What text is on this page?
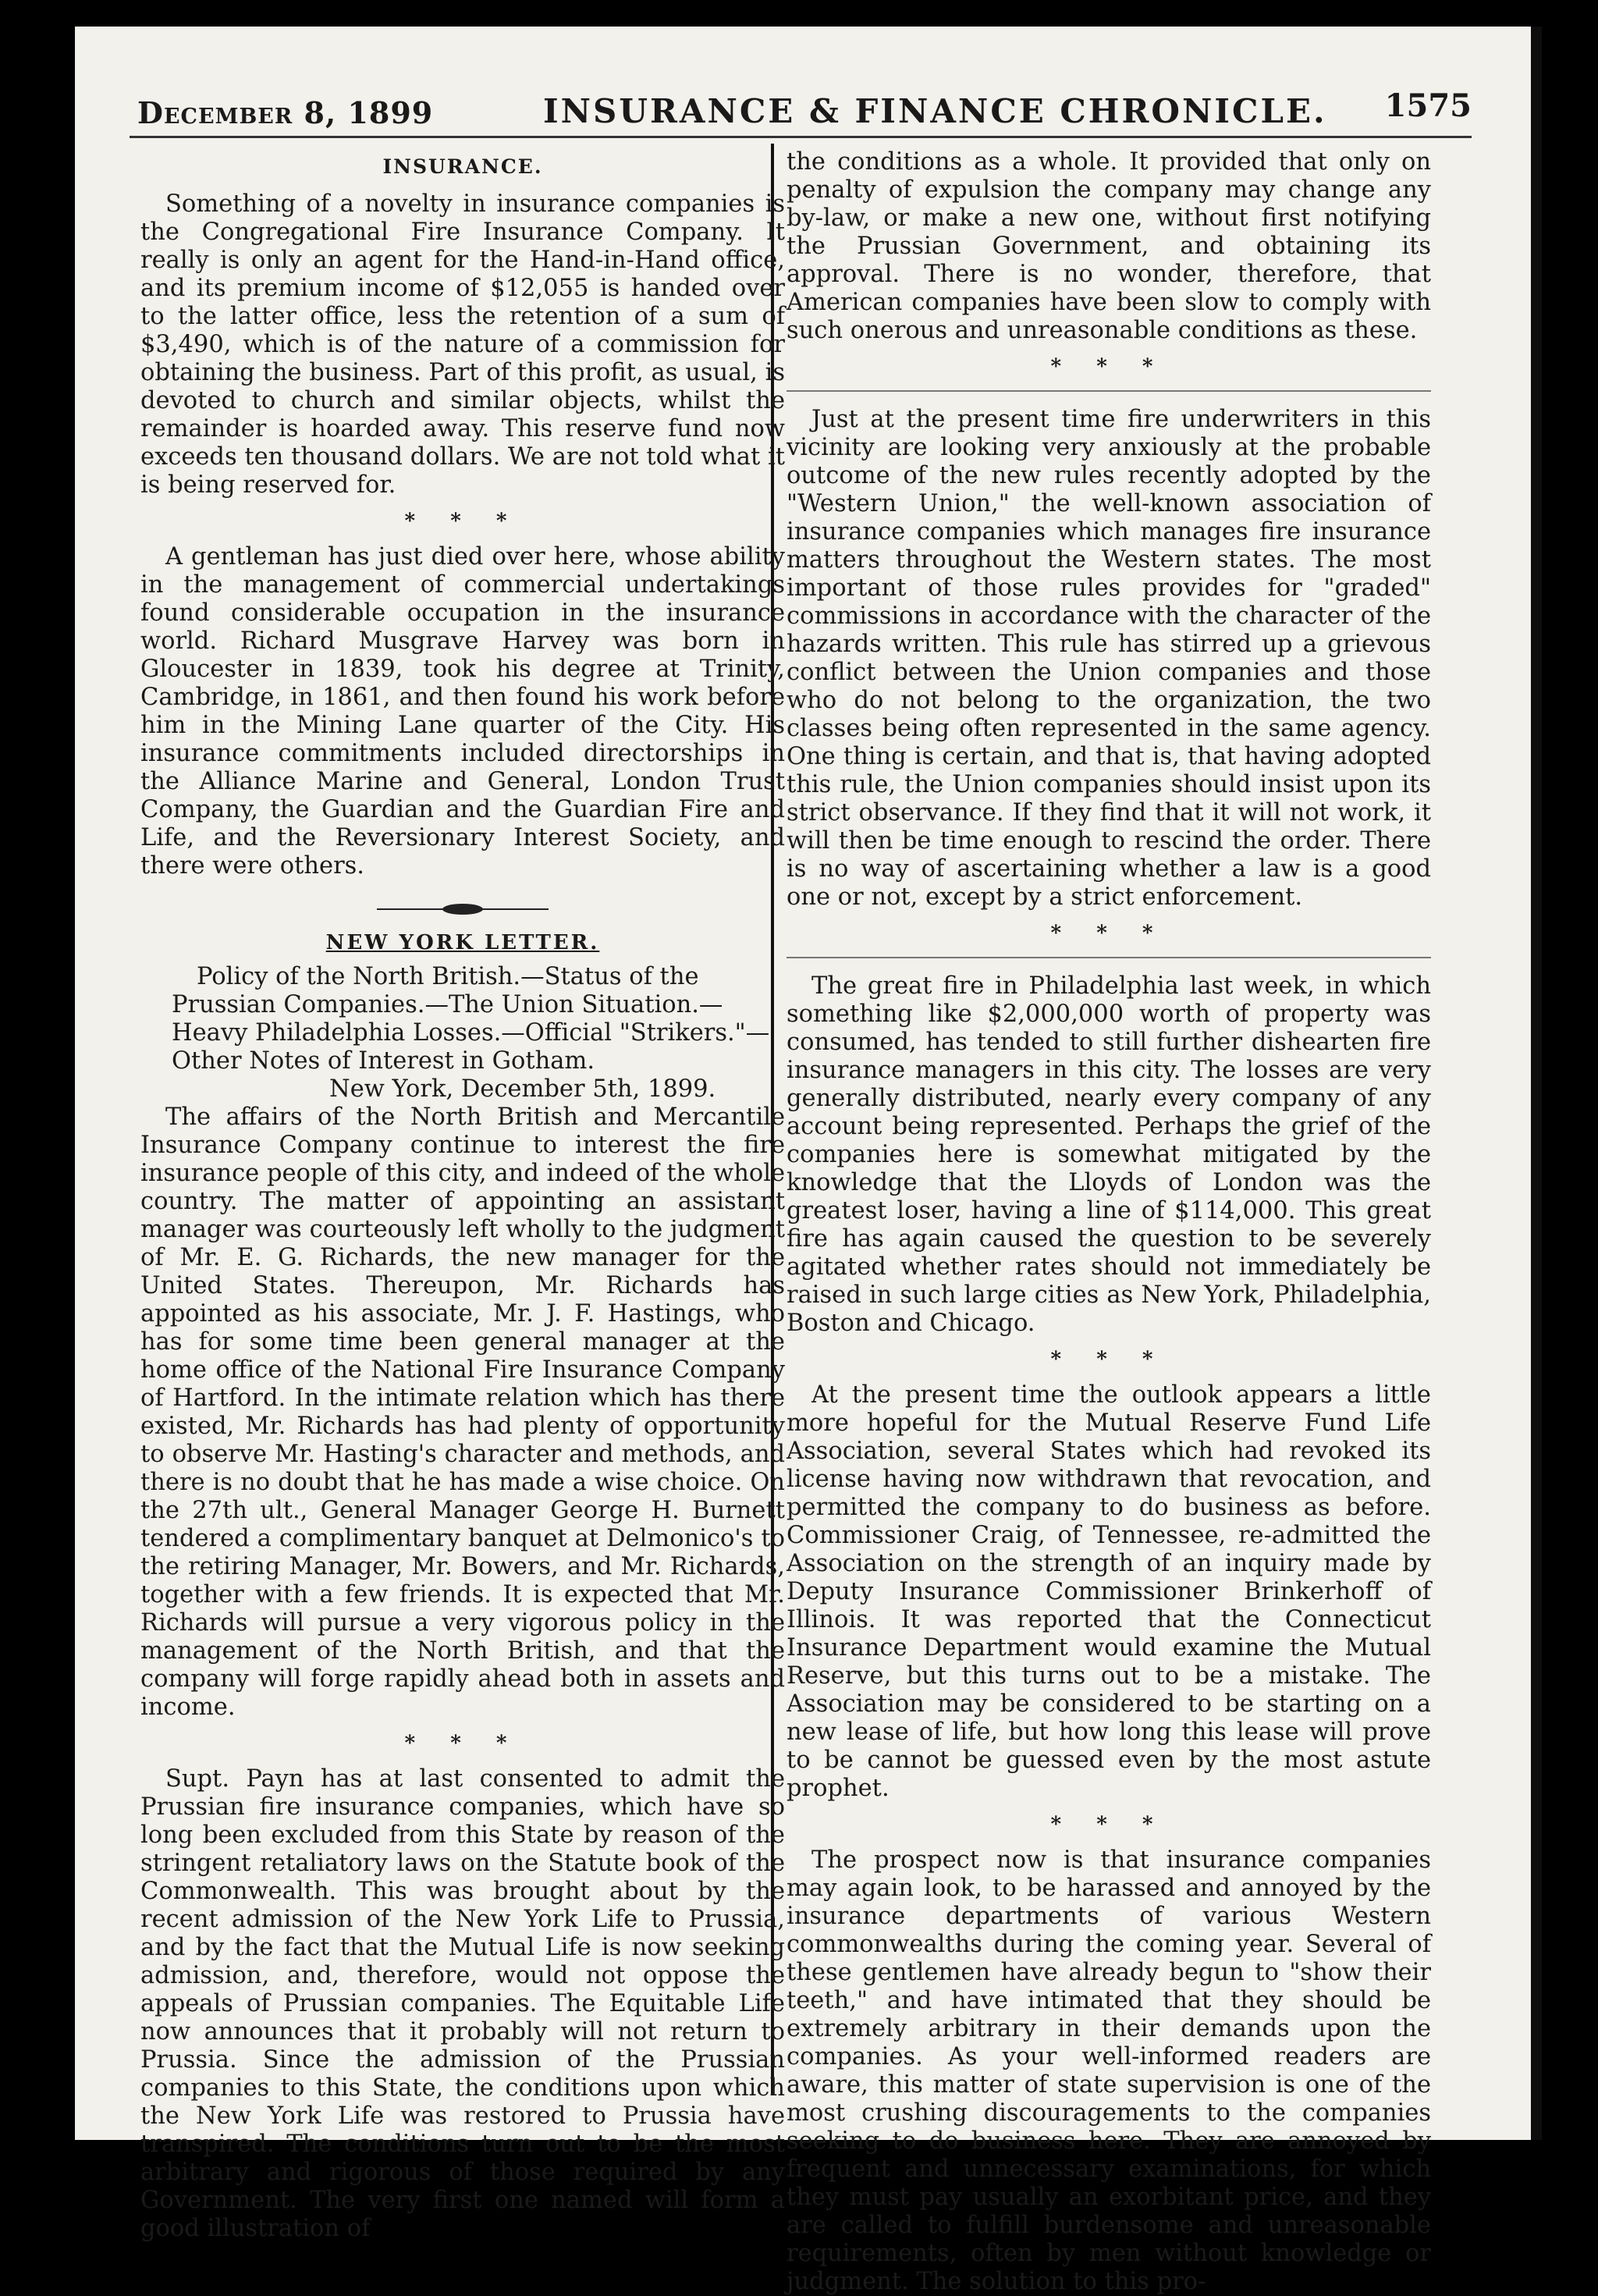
December 8, 1899	INSURANCE & FINANCE CHRONICLE. 1575
INSURANCE.

Something of a novelty in insurance companies is the Congregational Fire Insurance Company. It really is only an agent for the Hand-in-Hand office, and its premium income of $12,055 is handed over to the latter office, less the retention of a sum of $3,490, which is of the nature of a commission for obtaining the business. Part of this profit, as usual, is devoted to church and similar objects, whilst the remainder is hoarded away. This reserve fund now exceeds ten thousand dollars. We are not told what it is being reserved for.

* * *

A gentleman has just died over here, whose ability in the management of commercial undertakings found considerable occupation in the insurance world. Richard Musgrave Harvey was born in Gloucester in 1839, took his degree at Trinity, Cambridge, in 1861, and then found his work before him in the Mining Lane quarter of the City. His insurance commitments included directorships in the Alliance Marine and General, London Trust Company, the Guardian and the Guardian Fire and Life, and the Reversionary Interest Society, and there were others.

NEW YORK LETTER.

Policy of the North British.—Status of the Prussian Companies.—The Union Situation.—Heavy Philadelphia Losses.—Official "Strikers."—Other Notes of Interest in Gotham.

New York, December 5th, 1899.

The affairs of the North British and Mercantile Insurance Company continue to interest the fire insurance people of this city, and indeed of the whole country. The matter of appointing an assistant manager was courteously left wholly to the judgment of Mr. E. G. Richards, the new manager for the United States. Thereupon, Mr. Richards has appointed as his associate, Mr. J. F. Hastings, who has for some time been general manager at the home office of the National Fire Insurance Company of Hartford. In the intimate relation which has there existed, Mr. Richards has had plenty of opportunity to observe Mr. Hasting's character and methods, and there is no doubt that he has made a wise choice. On the 27th ult., General Manager George H. Burnett tendered a complimentary banquet at Delmonico's to the retiring Manager, Mr. Bowers, and Mr. Richards, together with a few friends. It is expected that Mr. Richards will pursue a very vigorous policy in the management of the North British, and that the company will forge rapidly ahead both in assets and income.

* * *

Supt. Payn has at last consented to admit the Prussian fire insurance companies, which have so long been excluded from this State by reason of the stringent retaliatory laws on the Statute book of the Commonwealth. This was brought about by the recent admission of the New York Life to Prussia, and by the fact that the Mutual Life is now seeking admission, and, therefore, would not oppose the appeals of Prussian companies. The Equitable Life now announces that it probably will not return to Prussia. Since the admission of the Prussian companies to this State, the conditions upon which the New York Life was restored to Prussia have transpired. The conditions turn out to be the most arbitrary and rigorous of those required by any Government. The very first one named will form a good illustration of

the conditions as a whole. It provided that only on penalty of expulsion the company may change any by-law, or make a new one, without first notifying the Prussian Government, and obtaining its approval. There is no wonder, therefore, that American companies have been slow to comply with such onerous and unreasonable conditions as these.

* * *

Just at the present time fire underwriters in this vicinity are looking very anxiously at the probable outcome of the new rules recently adopted by the "Western Union," the well-known association of insurance companies which manages fire insurance matters throughout the Western states. The most important of those rules provides for "graded" commissions in accordance with the character of the hazards written. This rule has stirred up a grievous conflict between the Union companies and those who do not belong to the organization, the two classes being often represented in the same agency. One thing is certain, and that is, that having adopted this rule, the Union companies should insist upon its strict observance. If they find that it will not work, it will then be time enough to rescind the order. There is no way of ascertaining whether a law is a good one or not, except by a strict enforcement.

* * *

The great fire in Philadelphia last week, in which something like $2,000,000 worth of property was consumed, has tended to still further dishearten fire insurance managers in this city. The losses are very generally distributed, nearly every company of any account being represented. Perhaps the grief of the companies here is somewhat mitigated by the knowledge that the Lloyds of London was the greatest loser, having a line of $114,000. This great fire has again caused the question to be severely agitated whether rates should not immediately be raised in such large cities as New York, Philadelphia, Boston and Chicago.

* * *

At the present time the outlook appears a little more hopeful for the Mutual Reserve Fund Life Association, several States which had revoked its license having now withdrawn that revocation, and permitted the company to do business as before. Commissioner Craig, of Tennessee, re-admitted the Association on the strength of an inquiry made by Deputy Insurance Commissioner Brinkerhoff of Illinois. It was reported that the Connecticut Insurance Department would examine the Mutual Reserve, but this turns out to be a mistake. The Association may be considered to be starting on a new lease of life, but how long this lease will prove to be cannot be guessed even by the most astute prophet.

* * *

The prospect now is that insurance companies may again look, to be harassed and annoyed by the insurance departments of various Western commonwealths during the coming year. Several of these gentlemen have already begun to "show their teeth," and have intimated that they should be extremely arbitrary in their demands upon the companies. As your well-informed readers are aware, this matter of state supervision is one of the most crushing discouragements to the companies seeking to do business here. They are annoyed by frequent and unnecessary examinations, for which they must pay usually an exorbitant price, and they are called to fulfill burdensome and unreasonable requirements, often by men without knowledge or judgment. The solution to this pro-
